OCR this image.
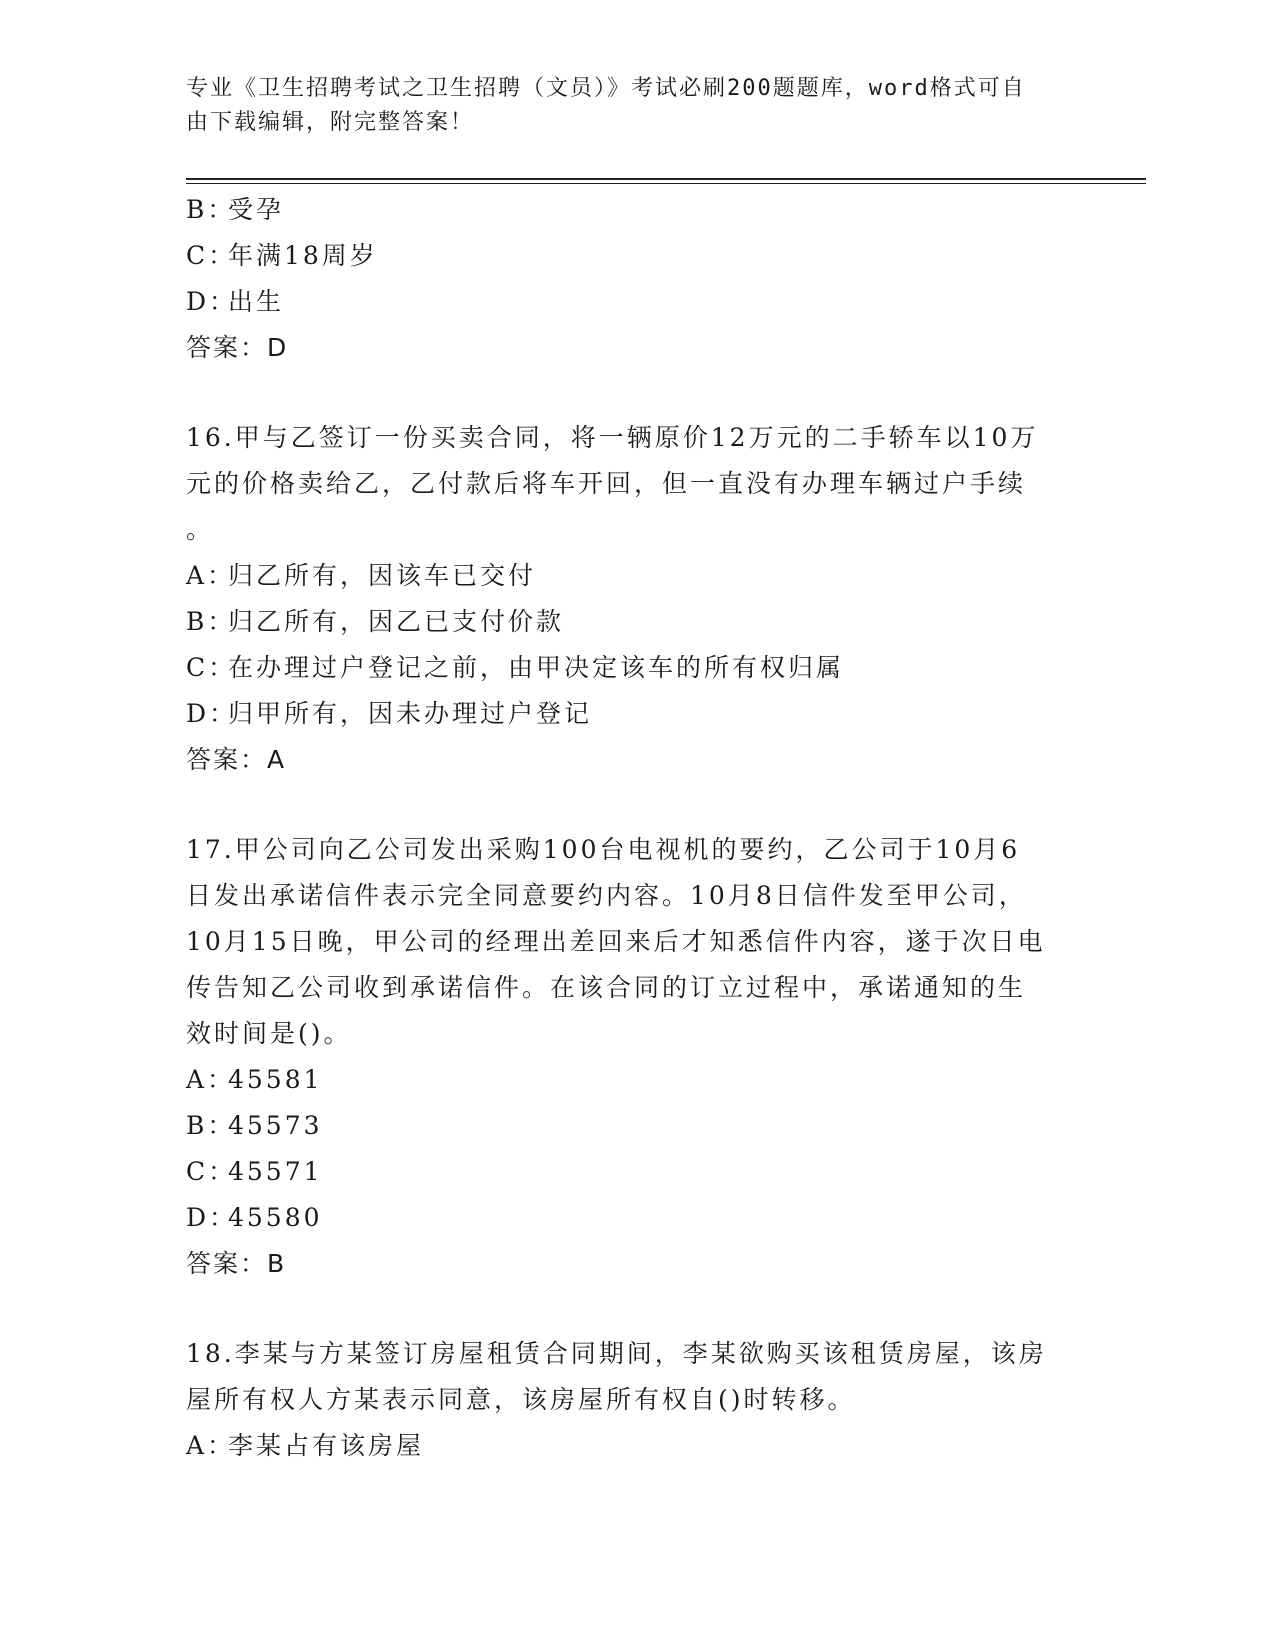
专业《卫生招聘考试之卫生招聘（文员）》考试必刷200题题库，word格式可自
由下载编辑，附完整答案！
B：受孕
C：年满18周岁
D：出生
答案：D
16.甲与乙签订一份买卖合同，将一辆原价12万元的二手轿车以10万
元的价格卖给乙，乙付款后将车开回，但一直没有办理车辆过户手续
。
A：归乙所有，因该车已交付
B：归乙所有，因乙已支付价款
C：在办理过户登记之前，由甲决定该车的所有权归属
D：归甲所有，因未办理过户登记
答案：A
17.甲公司向乙公司发出采购100台电视机的要约，乙公司于10月6
日发出承诺信件表示完全同意要约内容。10月8日信件发至甲公司，
10月15日晚，甲公司的经理出差回来后才知悉信件内容，遂于次日电
传告知乙公司收到承诺信件。在该合同的订立过程中，承诺通知的生
效时间是()。
A：45581
B：45573
C：45571
D：45580
答案：B
18.李某与方某签订房屋租赁合同期间，李某欲购买该租赁房屋，该房
屋所有权人方某表示同意，该房屋所有权自()时转移。
A：李某占有该房屋
